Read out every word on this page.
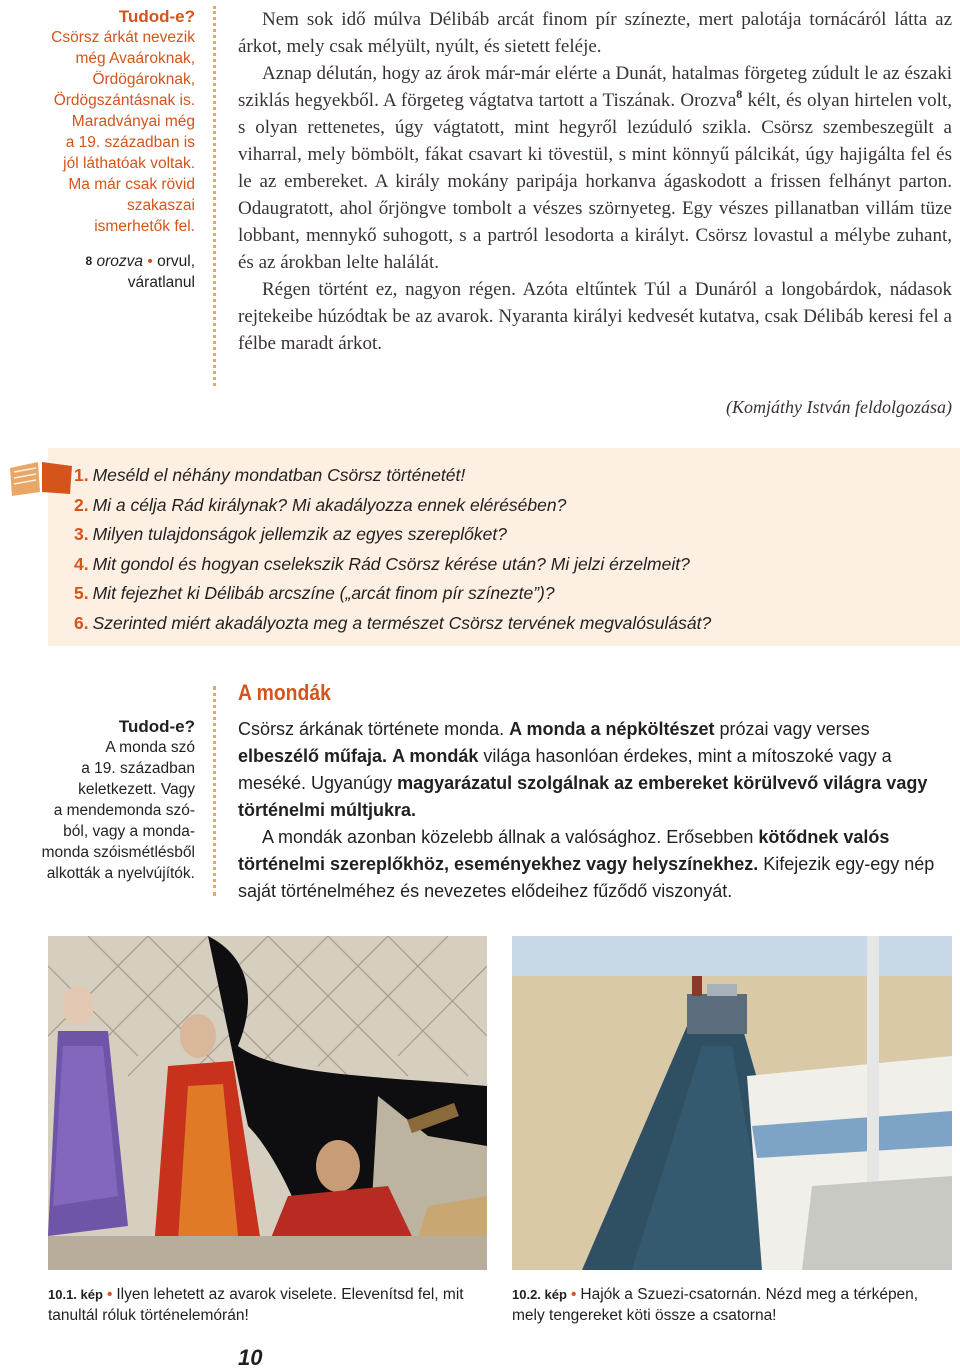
Tudod-e?
Csörsz árkát nevezik
még Avaároknak,
Ördögároknak,
Ördögszántásnak is.
Maradványai még
a 19. században is
jól láthatóak voltak.
Ma már csak rövid
szakaszai
ismerhetők fel.
$^8$ orozva • orvul,
váratlanul

Nem sok idő múlva Délibáb arcát finom pír színezte, mert palotája tornácáról látta az árkot, mely csak mélyült, nyúlt, és sietett feléje.

Aznap délután, hogy az árok már-már elérte a Dunát, hatalmas förgeteg zúdult le az északi sziklás hegyekből. A förgeteg vágtatva tartott a Tiszának. Orozva$^8$ kélt, és olyan hirtelen volt, s olyan rettenetes, úgy vágtatott, mint hegyről lezúduló szikla. Csörsz szembeszegült a viharral, mely bömbölt, fákat csavart ki tövestül, s mint könnyű pálcikát, úgy hajigálta fel és le az embereket. A király mokány paripája horkanva ágaskodott a frissen felhányt parton. Odaugratott, ahol őrjöngve tombolt a vészes szörnyeteg. Egy vészes pillanatban villám tüze lobbant, mennykő suhogott, s a partról lesodorta a királyt. Csörsz lovastul a mélybe zuhant, és az árokban lelte halálát.

Régen történt ez, nagyon régen. Azóta eltűntek Túl a Dunáról a longobárdok, nádasok rejtekeibe húzódtak be az avarok. Nyaranta királyi kedvesét kutatva, csak Délibáb keresi fel a félbe maradt árkot.

(Komjáthy István feldolgozása)
1. Meséld el néhány mondatban Csörsz történetét!
2. Mi a célja Rád királynak? Mi akadályozza ennek elérésében?
3. Milyen tulajdonságok jellemzik az egyes szereplőket?
4. Mit gondol és hogyan cselekszik Rád Csörsz kérése után? Mi jelzi érzelmeit?
5. Mit fejezhet ki Délibáb arcszíne („arcát finom pír színezte”)?
6. Szerinted miért akadályozta meg a természet Csörsz tervének megvalósulását?
Tudod-e?
A monda szó
a 19. században
keletkezett. Vagy
a mendemonda szó-
ból, vagy a monda-
monda szóismétlésből
alkották a nyelvújítók.
A mondák

Csörsz árkának története monda. A monda a népköltészet prózai vagy verses elbeszélő műfaja. A mondák világa hasonlóan érdekes, mint a mítoszoké vagy a meséké. Ugyanúgy magyarázatul szolgálnak az embereket körülvevő világra vagy történelmi múltjukra.

A mondák azonban közelebb állnak a valósághoz. Erősebben kötődnek valós történelmi szereplőkhöz, eseményekhez vagy helyszínekhez. Kifejezik egy-egy nép saját történelméhez és nevezetes elődeihez fűződő viszonyát.

10.1. kép • Ilyen lehetett az avarok viselete. Elevenítsd fel, mit tanultál róluk történelemórán!
10.2. kép • Hajók a Szuezi-csatornán. Nézd meg a térképen, mely tengereket köti össze a csatorna!
10
